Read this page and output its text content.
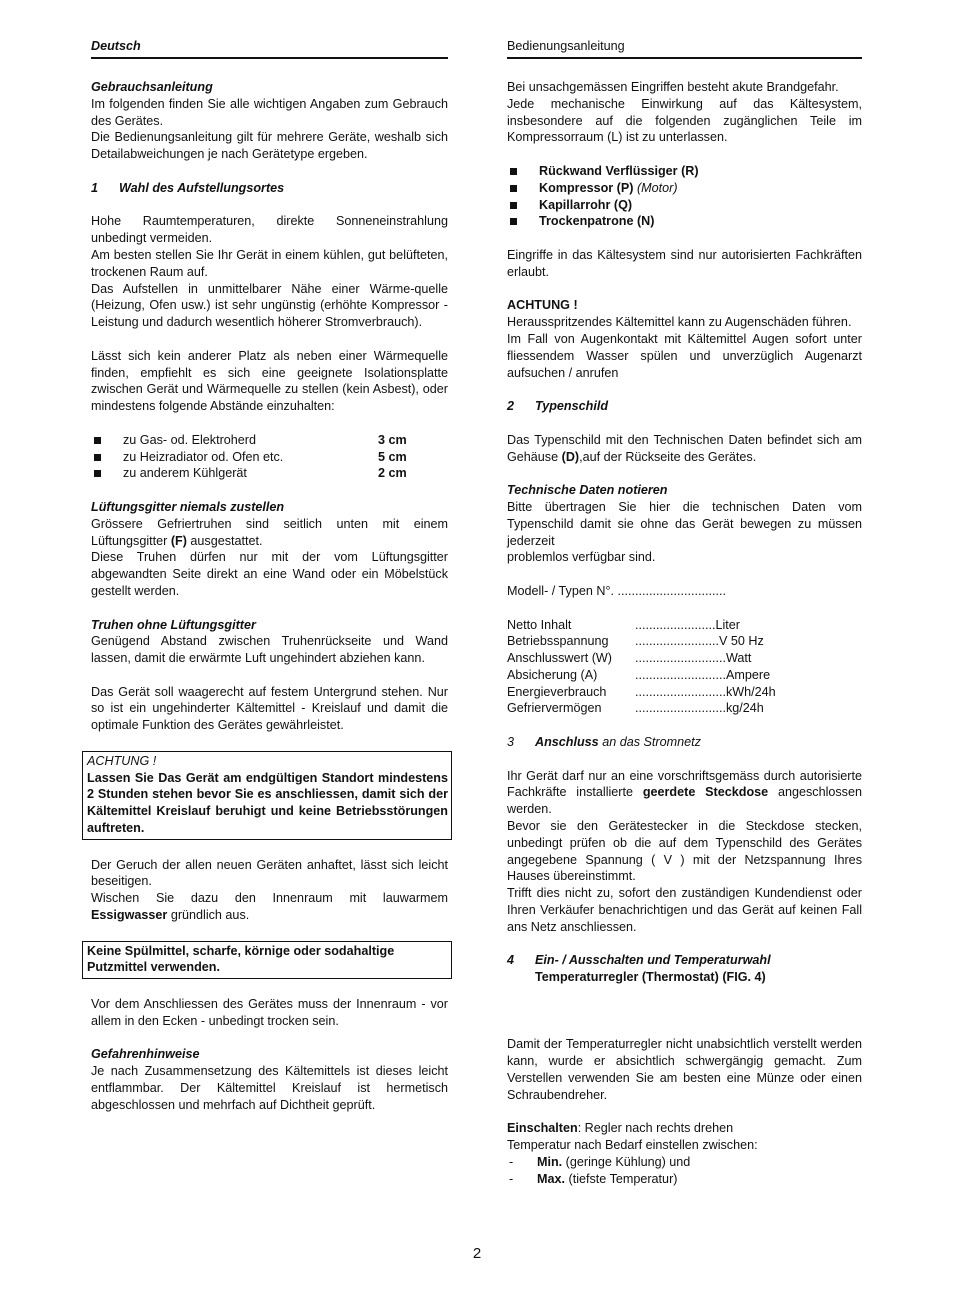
Deutsch

Gebrauchsanleitung

Im folgenden finden Sie alle wichtigen Angaben zum Gebrauch des Gerätes.

Die Bedienungsanleitung gilt für mehrere Geräte, weshalb sich Detailabweichungen je nach Gerätetype ergeben.

1 Wahl des Aufstellungsortes

Hohe Raumtemperaturen, direkte Sonneneinstrahlung unbedingt vermeiden.

Am besten stellen Sie Ihr Gerät in einem kühlen, gut belüfteten, trockenen Raum auf.

Das Aufstellen in unmittelbarer Nähe einer Wärme-quelle (Heizung, Ofen usw.) ist sehr ungünstig (erhöhte Kompressor - Leistung und dadurch wesentlich höherer Stromverbrauch).

Lässt sich kein anderer Platz als neben einer Wärmequelle finden, empfiehlt es sich eine geeignete Isolationsplatte zwischen Gerät und Wärmequelle zu stellen (kein Asbest), oder mindestens folgende Abstände einzuhalten:

zu Gas- od. Elektroherd	3 cm
zu Heizradiator od. Ofen etc.	5 cm
zu anderem Kühlgerät	2 cm

Lüftungsgitter niemals zustellen

Grössere Gefriertruhen sind seitlich unten mit einem Lüftungsgitter (F) ausgestattet.

Diese Truhen dürfen nur mit der vom Lüftungsgitter abgewandten Seite direkt an eine Wand oder ein Möbelstück gestellt werden.

Truhen ohne Lüftungsgitter

Genügend Abstand zwischen Truhenrückseite und Wand lassen, damit die erwärmte Luft ungehindert abziehen kann.

Das Gerät soll waagerecht auf festem Untergrund stehen. Nur so ist ein ungehinderter Kältemittel - Kreislauf und damit die optimale Funktion des Gerätes gewährleistet.

ACHTUNG !

Lassen Sie Das Gerät am endgültigen Standort mindestens 2 Stunden stehen bevor Sie es anschliessen, damit sich der Kältemittel Kreislauf beruhigt und keine Betriebsstörungen auftreten.

Der Geruch der allen neuen Geräten anhaftet, lässt sich leicht beseitigen.

Wischen Sie dazu den Innenraum mit lauwarmem Essigwasser gründlich aus.

Keine Spülmittel, scharfe, körnige oder sodahaltige Putzmittel verwenden.

Vor dem Anschliessen des Gerätes muss der Innenraum - vor allem in den Ecken - unbedingt trocken sein.

Gefahrenhinweise

Je nach Zusammensetzung des Kältemittels ist dieses leicht entflammbar. Der Kältemittel Kreislauf ist hermetisch abgeschlossen und mehrfach auf Dichtheit geprüft.

Bedienungsanleitung

Bei unsachgemässen Eingriffen besteht akute Brandgefahr.

Jede mechanische Einwirkung auf das Kältesystem, insbesondere auf die folgenden zugänglichen Teile im Kompressorraum (L) ist zu unterlassen.

Rückwand Verflüssiger (R)
Kompressor (P) (Motor)
Kapillarrohr (Q)
Trockenpatrone (N)

Eingriffe in das Kältesystem sind nur autorisierten Fachkräften erlaubt.

ACHTUNG !

Herausspritzendes Kältemittel kann zu Augenschäden führen.

Im Fall von Augenkontakt mit Kältemittel Augen sofort unter fliessendem Wasser spülen und unverzüglich Augenarzt aufsuchen / anrufen

2 Typenschild

Das Typenschild mit den Technischen Daten befindet sich am Gehäuse (D),auf der Rückseite des Gerätes.

Technische Daten notieren

Bitte übertragen Sie hier die technischen Daten vom Typenschild damit sie ohne das Gerät bewegen zu müssen jederzeit

problemlos verfügbar sind.

Modell- / Typen N°. ...............................

Netto Inhalt	.......................Liter
Betriebsspannung	........................V 50 Hz
Anschlusswert (W)	..........................Watt
Absicherung (A)	..........................Ampere
Energieverbrauch	..........................kWh/24h
Gefriervermögen	..........................kg/24h

3 Anschluss an das Stromnetz

Ihr Gerät darf nur an eine vorschriftsgemäss durch autorisierte Fachkräfte installierte geerdete Steckdose angeschlossen werden.

Bevor sie den Gerätestecker in die Steckdose stecken, unbedingt prüfen ob die auf dem Typenschild des Gerätes angegebene Spannung ( V ) mit der Netzspannung Ihres Hauses übereinstimmt.

Trifft dies nicht zu, sofort den zuständigen Kundendienst oder Ihren Verkäufer benachrichtigen und das Gerät auf keinen Fall ans Netz anschliessen.

4 Ein- / Ausschalten und Temperaturwahl

Temperaturregler (Thermostat) (FIG. 4)

Damit der Temperaturregler nicht unabsichtlich verstellt werden kann, wurde er absichtlich schwergängig gemacht. Zum Verstellen verwenden Sie am besten eine Münze oder einen Schraubendreher.

Einschalten: Regler nach rechts drehen

Temperatur nach Bedarf einstellen zwischen:

- Min. (geringe Kühlung) und
- Max. (tiefste Temperatur)
2
